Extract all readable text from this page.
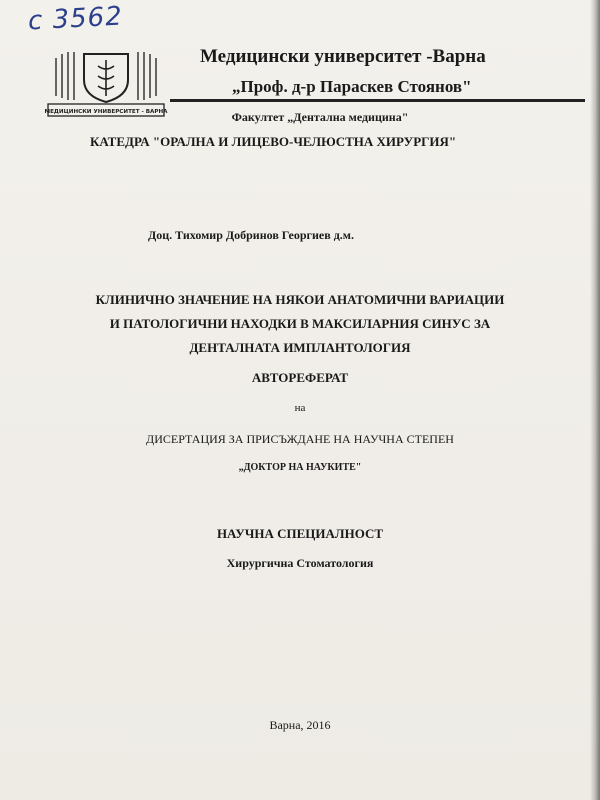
с 3562
МЕДИЦИНСКИ УНИВЕРСИТЕТ - ВАРНА
Медицински университет -Варна
„Проф. д-р Параскев Стоянов"
Факултет „Дентална медицина"
КАТЕДРА "ОРАЛНА И ЛИЦЕВО-ЧЕЛЮСТНА ХИРУРГИЯ"
Доц. Тихомир Добринов Георгиев д.м.
КЛИНИЧНО ЗНАЧЕНИЕ НА НЯКОИ АНАТОМИЧНИ ВАРИАЦИИ
И ПАТОЛОГИЧНИ НАХОДКИ В МАКСИЛАРНИЯ СИНУС ЗА
ДЕНТАЛНАТА ИМПЛАНТОЛОГИЯ
АВТОРЕФЕРАТ
на
ДИСЕРТАЦИЯ ЗА ПРИСЪЖДАНЕ НА НАУЧНА СТЕПЕН
„ДОКТОР НА НАУКИТЕ"
НАУЧНА СПЕЦИАЛНОСТ
Хирургична Стоматология
Варна, 2016
